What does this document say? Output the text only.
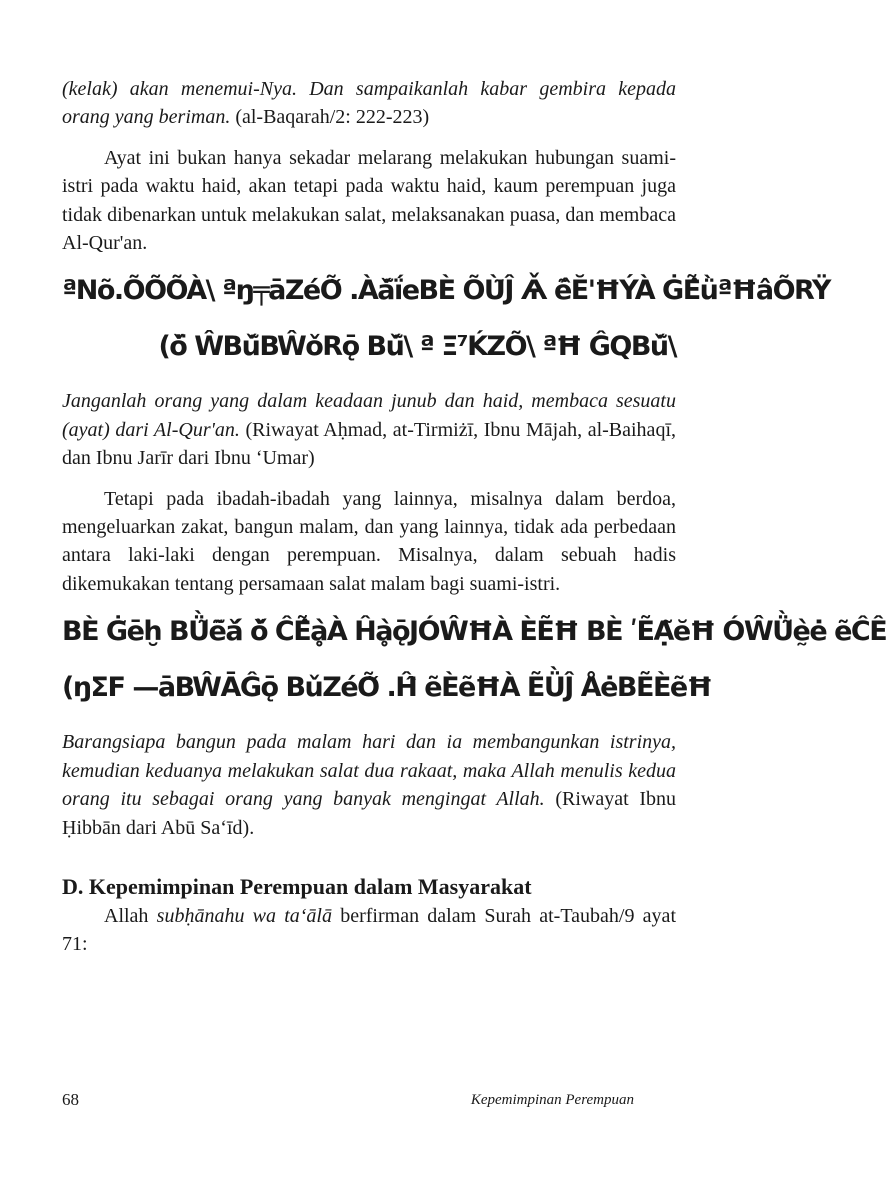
(kelak) akan menemui-Nya. Dan sampaikanlah kabar gembira kepada orang yang beriman. (al-Baqarah/2: 222-223)

Ayat ini bukan hanya sekadar melarang melakukan hubungan suami-istri pada waktu haid, akan tetapi pada waktu haid, kaum perempuan juga tidak dibenarkan untuk melakukan salat, melaksanakan puasa, dan membaca Al-Qur'an.

ªNõ.ÕÕÕÀ\ ªŋ╤āZéÕ̌ .Àǎ̃ḯeBÈ ÕÙ̃Ĵ Ѧ̌ ẽ̂Ĕ'ĦÝÀ ĠẼ̂ǜªĦâÕRŸ
(ǒ̈ ŴBǔ̃BŴǒRǭ Bǔ̃\ ª Ξ⁷ḰZÕ\ ªĦ ĜQBǔ̃\

Janganlah orang yang dalam keadaan junub dan haid, membaca sesuatu (ayat) dari Al-Qur'an. (Riwayat Aḥmad, at-Tirmiżī, Ibnu Mājah, al-Baihaqī, dan Ibnu Jarīr dari Ibnu ‘Umar)

Tetapi pada ibadah-ibadah yang lainnya, misalnya dalam berdoa, mengeluarkan zakat, bangun malam, dan yang lainnya, tidak ada perbedaan antara laki-laki dengan perempuan. Misalnya, dalam sebuah hadis dikemukakan tentang persamaan salat malam bagi suami-istri.

BÈ Ġ̃ēḫ BǛ̃ẽ̃ǎ́ ǒ̌ ĈẼ̂ḁ̀À Ĥḁ̀ǭJÓŴĦÀ ÈẼĦ BÈ ʹẼẠ̃ĕĦ ÓŴǛ̃ḛ̀ė ẽĈÊ
(ŋΣF —āBŴĀĜǭ BǔZéÕ̌ .Ĥ̂ ẽÈẽĦÀ ẼǛĴ ÅėBẼÈẽĦ

Barangsiapa bangun pada malam hari dan ia membangunkan istrinya, kemudian keduanya melakukan salat dua rakaat, maka Allah menulis kedua orang itu sebagai orang yang banyak mengingat Allah. (Riwayat Ibnu Ḥibbān dari Abū Sa‘īd).

D. Kepemimpinan Perempuan dalam Masyarakat

Allah subḥānahu wa ta‘ālā berfirman dalam Surah at-Taubah/9 ayat 71:

68	Kepemimpinan Perempuan
